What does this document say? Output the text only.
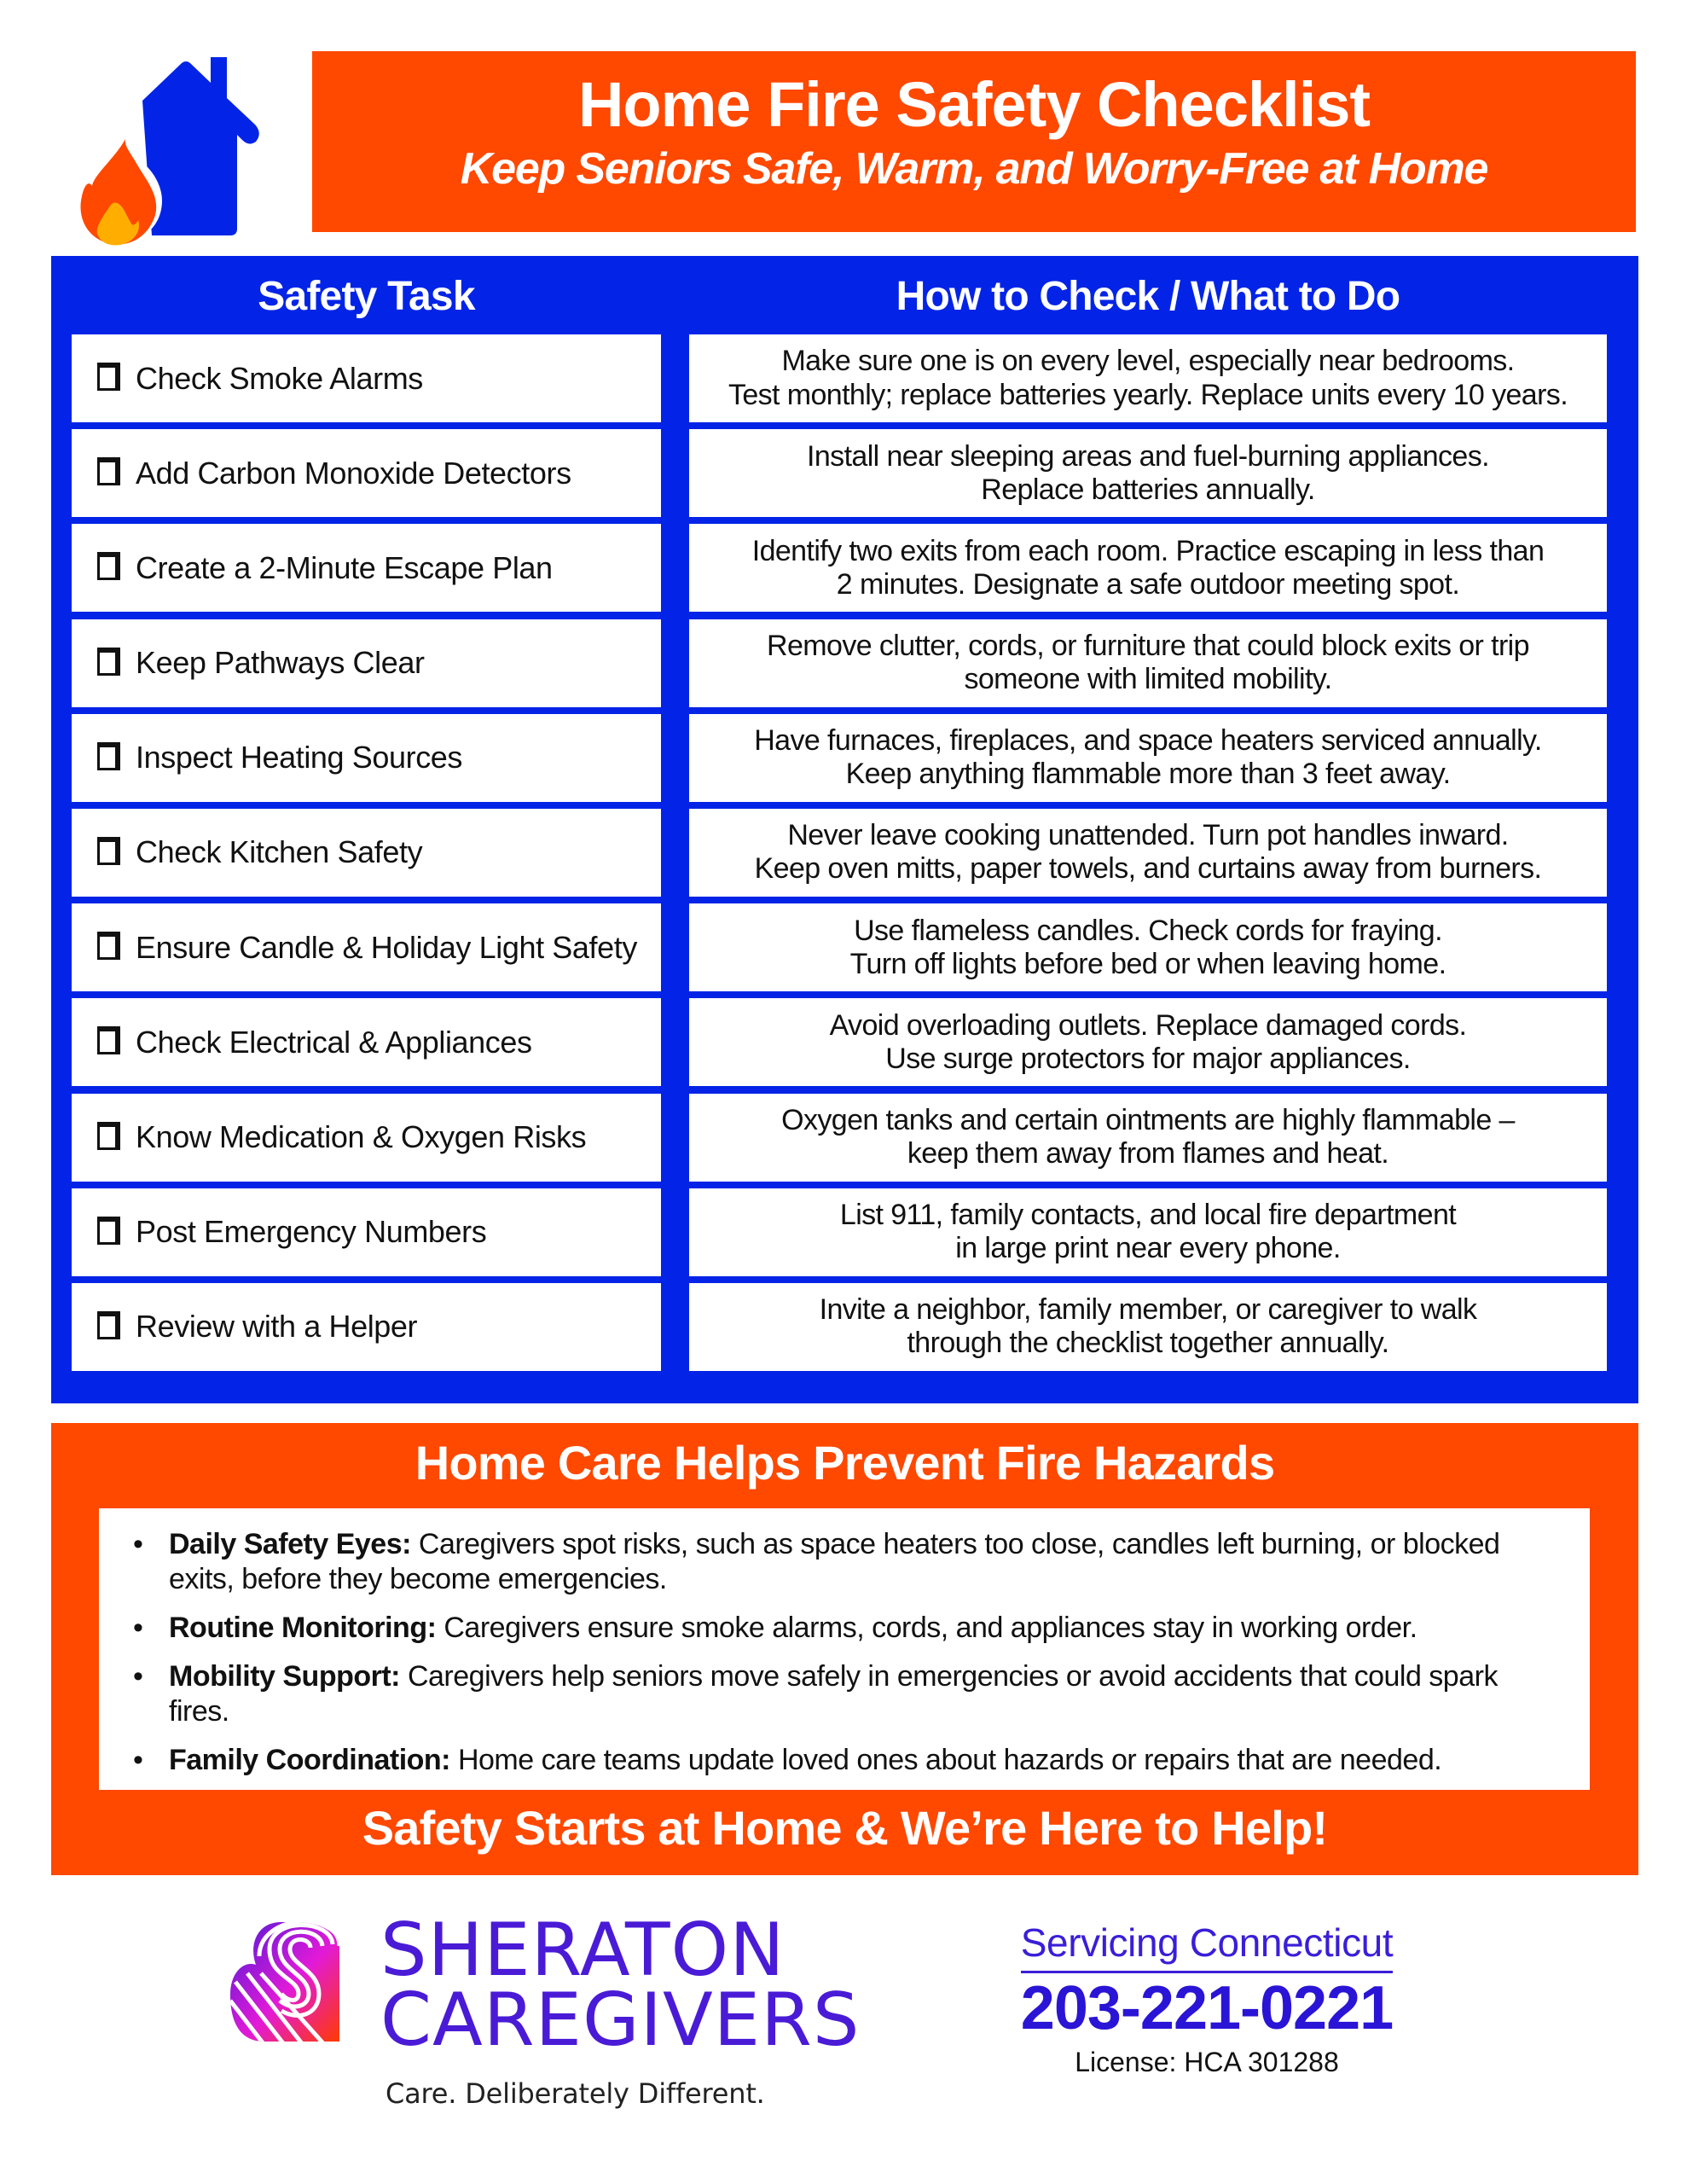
Home Fire Safety Checklist
Keep Seniors Safe, Warm, and Worry-Free at Home
Safety Task	How to Check / What to Do
Check Smoke Alarms	Make sure one is on every level, especially near bedrooms.
Test monthly; replace batteries yearly. Replace units every 10 years.
Add Carbon Monoxide Detectors	Install near sleeping areas and fuel-burning appliances.
Replace batteries annually.
Create a 2-Minute Escape Plan	Identify two exits from each room. Practice escaping in less than
2 minutes. Designate a safe outdoor meeting spot.
Keep Pathways Clear	Remove clutter, cords, or furniture that could block exits or trip
someone with limited mobility.
Inspect Heating Sources	Have furnaces, fireplaces, and space heaters serviced annually.
Keep anything flammable more than 3 feet away.
Check Kitchen Safety	Never leave cooking unattended. Turn pot handles inward.
Keep oven mitts, paper towels, and curtains away from burners.
Ensure Candle & Holiday Light Safety	Use flameless candles. Check cords for fraying.
Turn off lights before bed or when leaving home.
Check Electrical & Appliances	Avoid overloading outlets. Replace damaged cords.
Use surge protectors for major appliances.
Know Medication & Oxygen Risks	Oxygen tanks and certain ointments are highly flammable –
keep them away from flames and heat.
Post Emergency Numbers	List 911, family contacts, and local fire department
in large print near every phone.
Review with a Helper	Invite a neighbor, family member, or caregiver to walk
through the checklist together annually.
Home Care Helps Prevent Fire Hazards
• Daily Safety Eyes: Caregivers spot risks, such as space heaters too close, candles left burning, or blocked exits, before they become emergencies.
• Routine Monitoring: Caregivers ensure smoke alarms, cords, and appliances stay in working order.
• Mobility Support: Caregivers help seniors move safely in emergencies or avoid accidents that could spark fires.
• Family Coordination: Home care teams update loved ones about hazards or repairs that are needed.
Safety Starts at Home & We’re Here to Help!
SHERATON
CAREGIVERS
Care. Deliberately Different.
Servicing Connecticut
203-221-0221
License: HCA 301288
